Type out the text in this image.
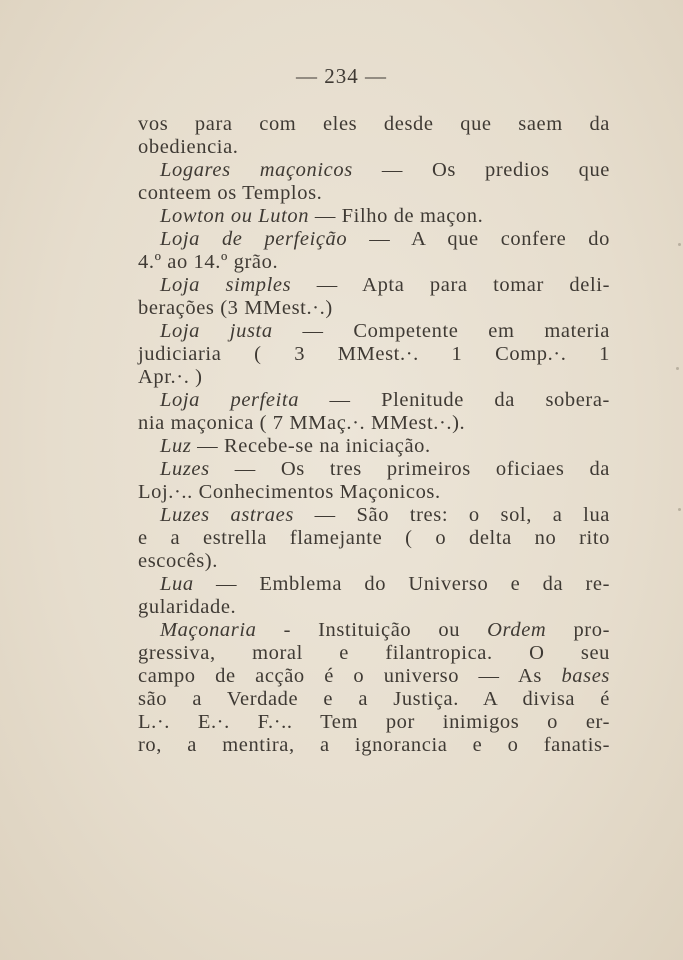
— 234 —
vos para com eles desde que saem da
obediencia.
Logares maçonicos — Os predios que
conteem os Templos.
Lowton ou Luton — Filho de maçon.
Loja de perfeição — A que confere do
4.º ao 14.º grão.
Loja simples — Apta para tomar deli-
berações (3 MMest.·.)
Loja justa — Competente em materia
judiciaria ( 3 MMest.·. 1 Comp.·. 1
Apr.·. )
Loja perfeita — Plenitude da sobera-
nia maçonica ( 7 MMaç.·. MMest.·.).
Luz — Recebe-se na iniciação.
Luzes — Os tres primeiros oficiaes da
Loj.·.. Conhecimentos Maçonicos.
Luzes astraes — São tres: o sol, a lua
e a estrella flamejante ( o delta no rito
escocês).
Lua — Emblema do Universo e da re-
gularidade.
Maçonaria - Instituição ou Ordem pro-
gressiva, moral e filantropica. O seu
campo de acção é o universo — As bases
são a Verdade e a Justiça. A divisa é
L.·. E.·. F.·.. Tem por inimigos o er-
ro, a mentira, a ignorancia e o fanatis-
